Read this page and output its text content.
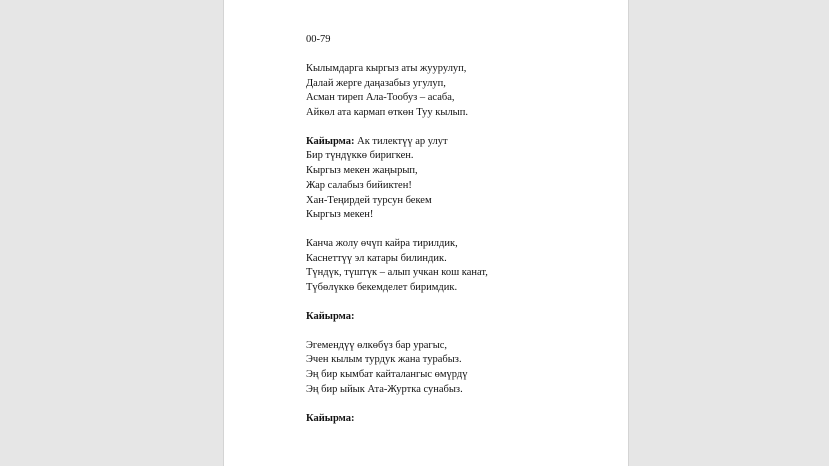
00-79
Кылымдарга кыргыз аты жуурулуп,
Далай жерге даңазабыз угулуп,
Асман тиреп Ала-Тообуз – асаба,
Айкөл ата кармап өткөн Туу кылып.
Кайырма: Ак тилектүү ар улут
Бир түндүккө биригкен.
Кыргыз мекен жаңырып,
Жар салабыз бийиктен!
Хан-Теңирдей турсун бекем
Кыргыз мекен!
Канча жолу өчүп кайра тирилдик,
Каснеттүү эл катары билиндик.
Түндүк, түштүк – алып учкан кош канат,
Түбөлүккө бекемделет биримдик.
Кайырма:
Эгемендүү өлкөбүз бар урагыс,
Эчен кылым турдук жана турабыз.
Эң бир кымбат кайталангыс өмүрдү
Эң бир ыйык Ата-Журтка сунабыз.
Кайырма:
